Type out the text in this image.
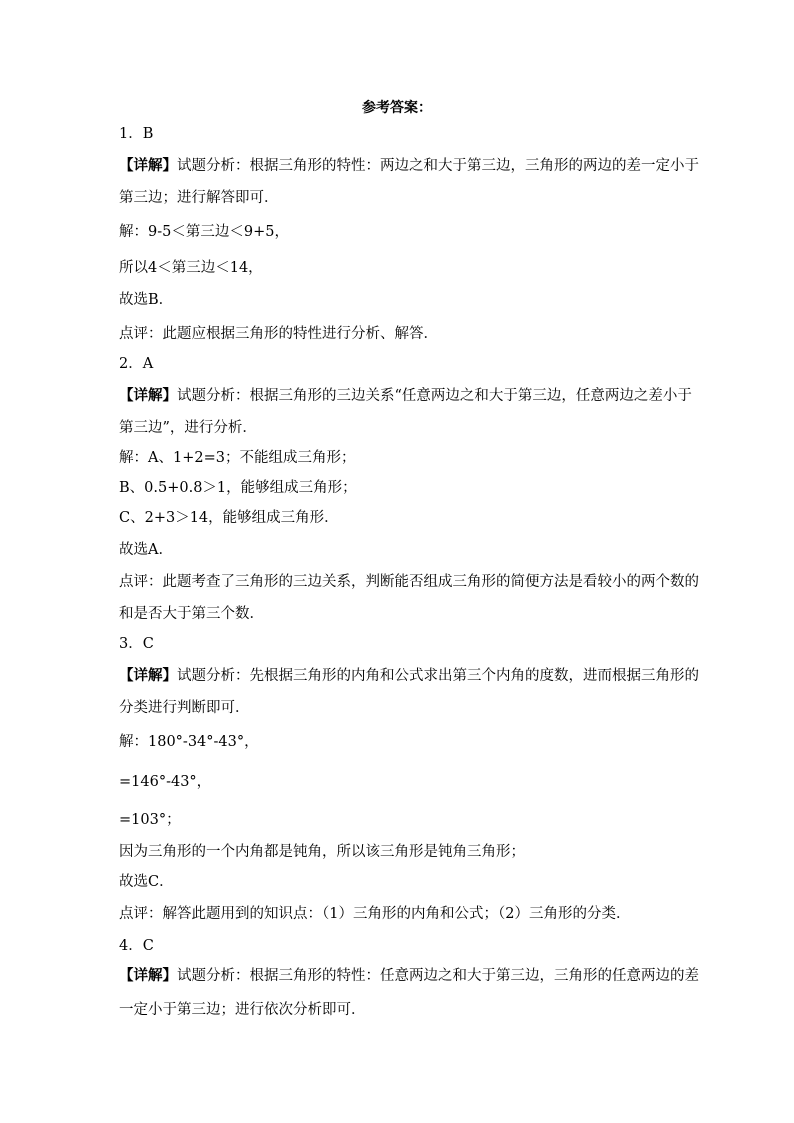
参考答案：
1．B
【详解】试题分析：根据三角形的特性：两边之和大于第三边，三角形的两边的差一定小于
第三边；进行解答即可．
解：9-5＜第三边＜9+5，
所以4＜第三边＜14，
故选B．
点评：此题应根据三角形的特性进行分析、解答．
2．A
【详解】试题分析：根据三角形的三边关系“任意两边之和大于第三边，任意两边之差小于
第三边”，进行分析．
解：A、1+2=3；不能组成三角形；
B、0.5+0.8＞1，能够组成三角形；
C、2+3＞14，能够组成三角形．
故选A．
点评：此题考查了三角形的三边关系，判断能否组成三角形的简便方法是看较小的两个数的
和是否大于第三个数．
3．C
【详解】试题分析：先根据三角形的内角和公式求出第三个内角的度数，进而根据三角形的
分类进行判断即可．
解：180°-34°-43°，
=146°-43°，
=103°；
因为三角形的一个内角都是钝角，所以该三角形是钝角三角形；
故选C．
点评：解答此题用到的知识点：（1）三角形的内角和公式；（2）三角形的分类．
4．C
【详解】试题分析：根据三角形的特性：任意两边之和大于第三边，三角形的任意两边的差
一定小于第三边；进行依次分析即可．
